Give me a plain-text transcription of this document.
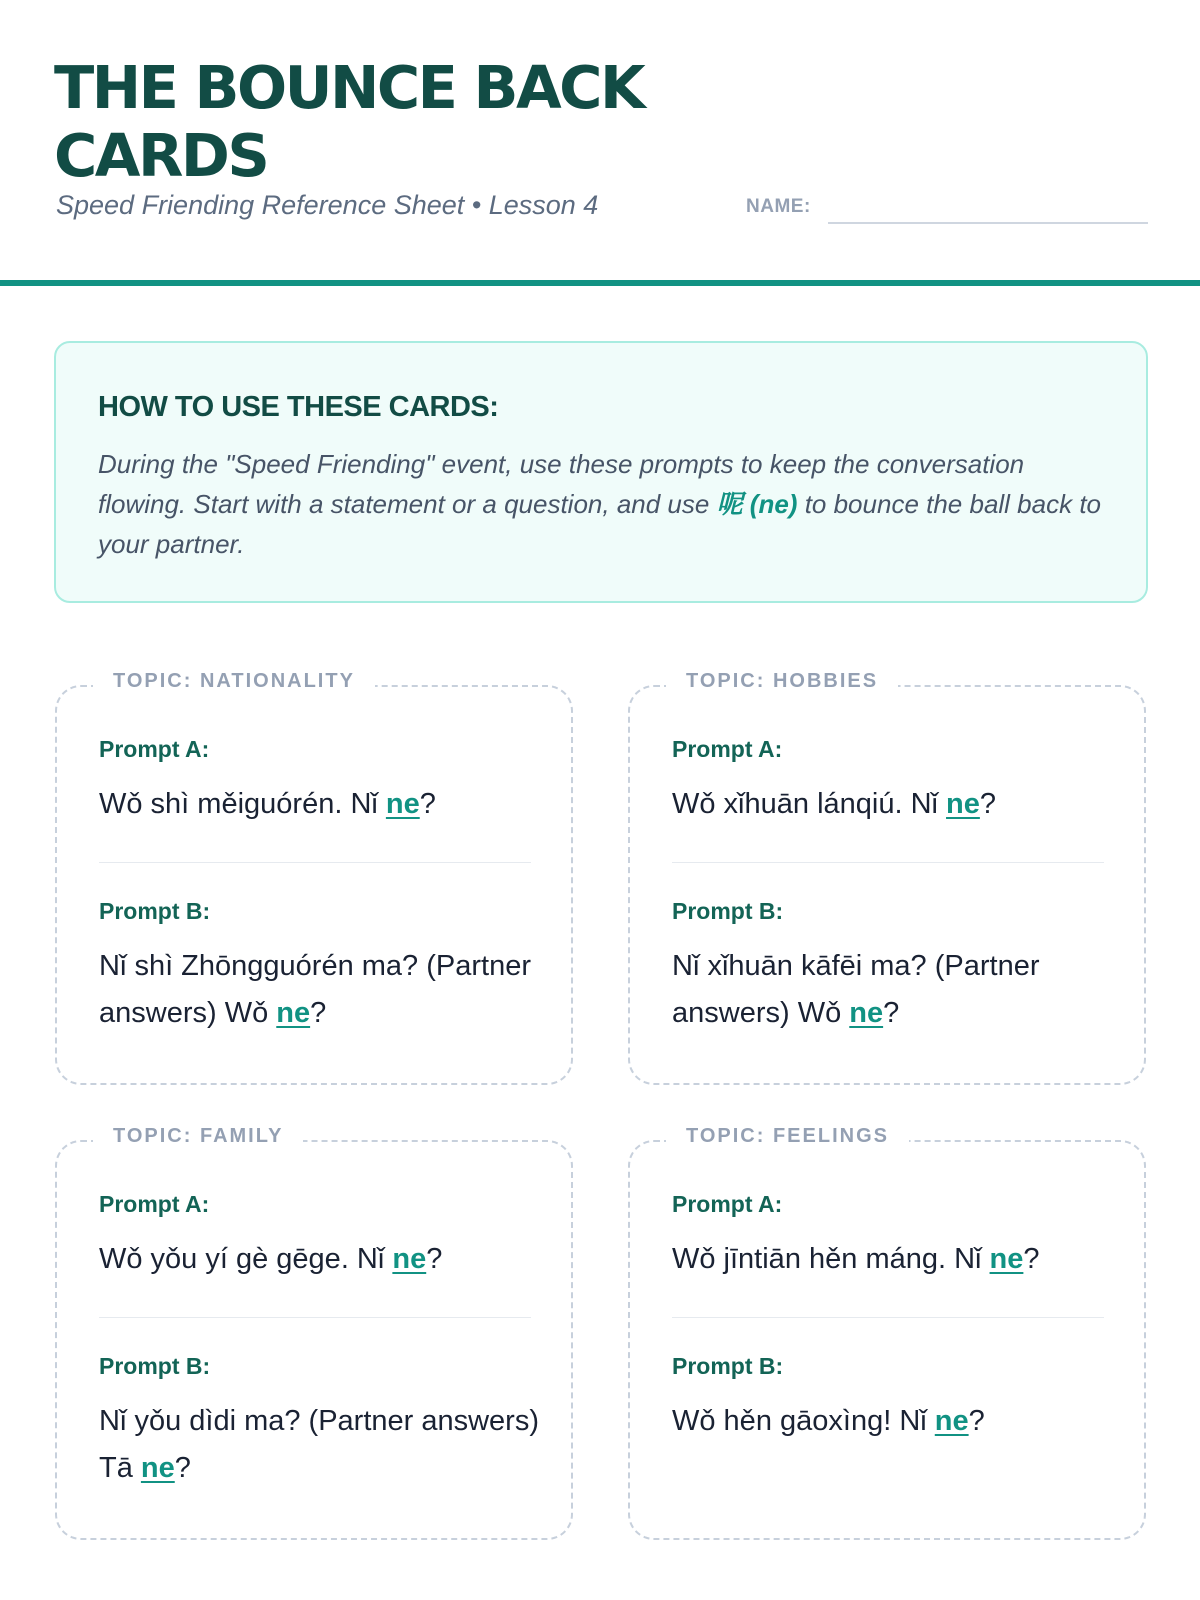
THE BOUNCE BACK CARDS
Speed Friending Reference Sheet • Lesson 4	NAME:
HOW TO USE THESE CARDS:
During the "Speed Friending" event, use these prompts to keep the conversation flowing. Start with a statement or a question, and use 呢 (ne) to bounce the ball back to your partner.
TOPIC: NATIONALITY
Prompt A:
Wǒ shì měiguórén. Nǐ ne?
Prompt B:
Nǐ shì Zhōngguórén ma? (Partner answers) Wǒ ne?
TOPIC: HOBBIES
Prompt A:
Wǒ xǐhuān lánqiú. Nǐ ne?
Prompt B:
Nǐ xǐhuān kāfēi ma? (Partner answers) Wǒ ne?
TOPIC: FAMILY
Prompt A:
Wǒ yǒu yí gè gēge. Nǐ ne?
Prompt B:
Nǐ yǒu dìdi ma? (Partner answers) Tā ne?
TOPIC: FEELINGS
Prompt A:
Wǒ jīntiān hěn máng. Nǐ ne?
Prompt B:
Wǒ hěn gāoxìng! Nǐ ne?
